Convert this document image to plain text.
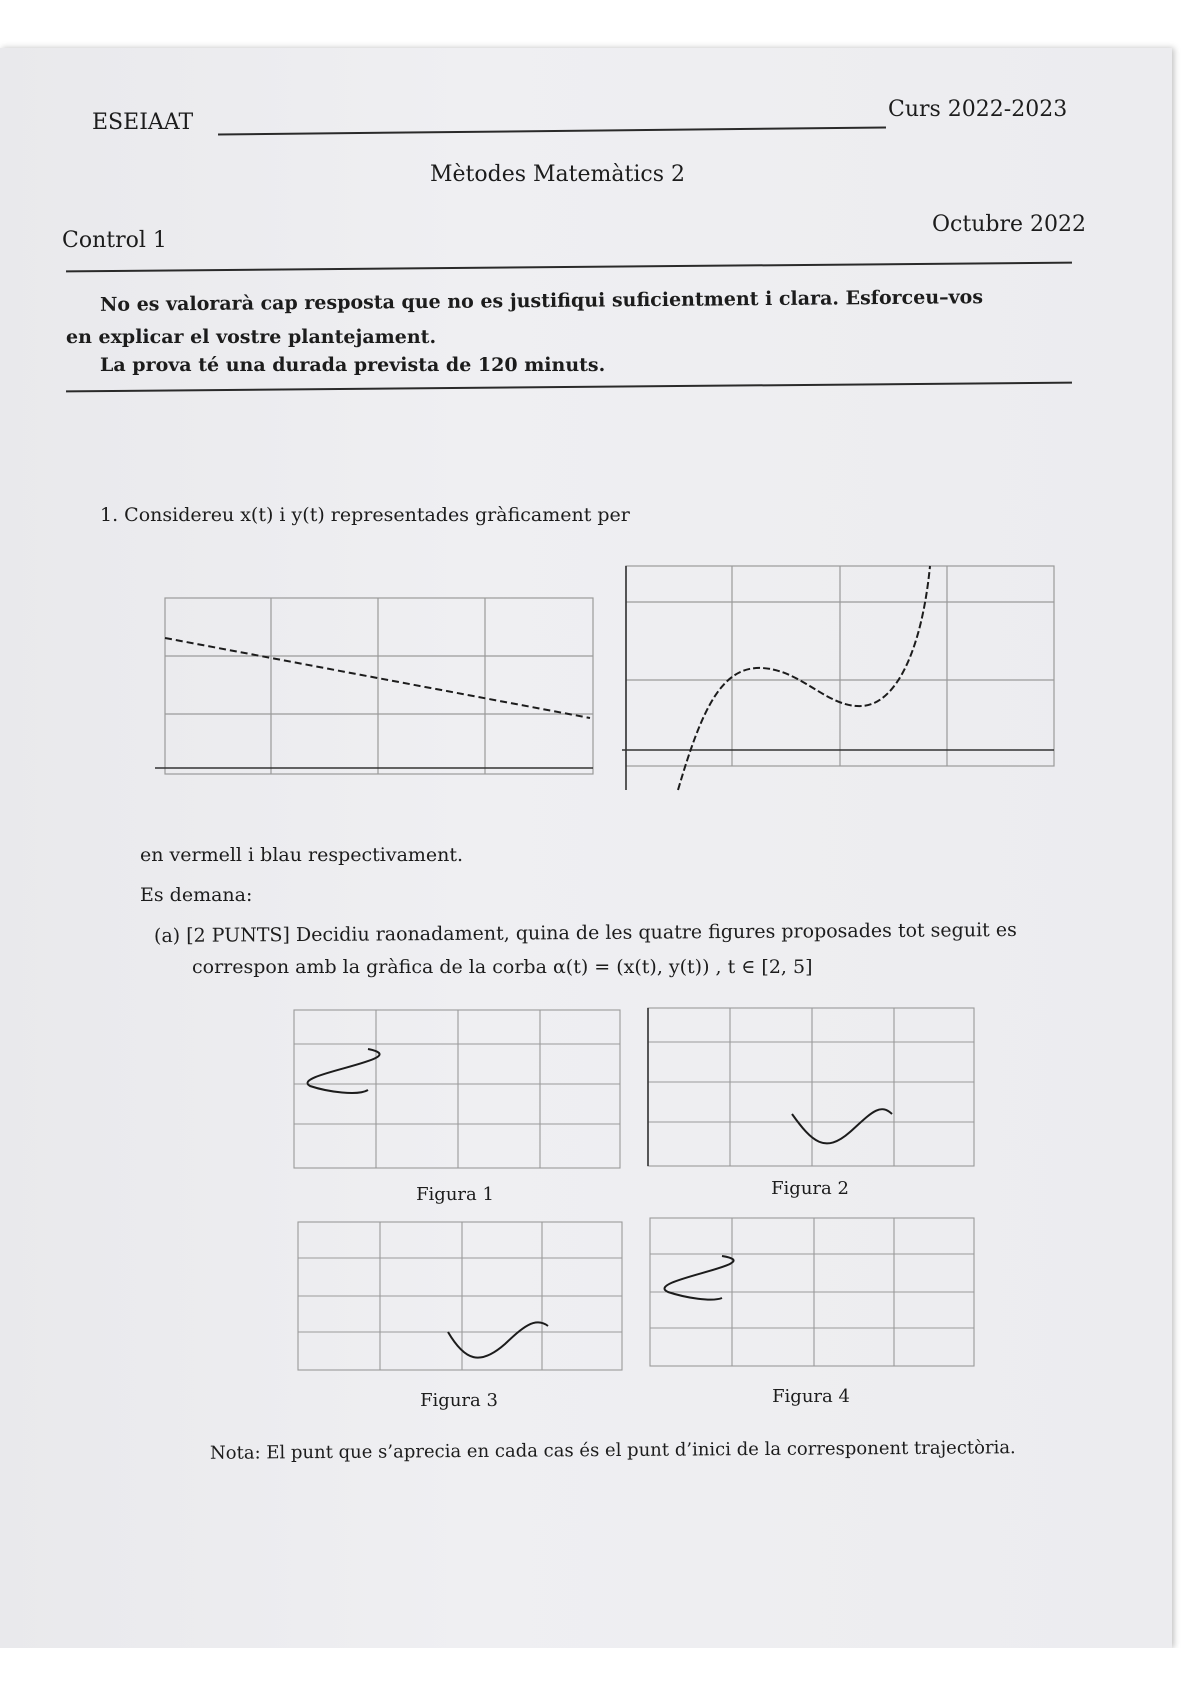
ESEIAAT
Curs 2022-2023
Mètodes Matemàtics 2
Control 1
Octubre 2022
No es valorarà cap resposta que no es justifiqui suficientment i clara. Esforceu–vos
en explicar el vostre plantejament.
La prova té una durada prevista de 120 minuts.
1. Considereu x(t) i y(t) representades gràficament per
en vermell i blau respectivament.
Es demana:
(a) [2 PUNTS] Decidiu raonadament, quina de les quatre figures proposades tot seguit es
correspon amb la gràfica de la corba α(t) = (x(t), y(t)) , t ∈ [2, 5]
Figura 1	Figura 2
Figura 3	Figura 4
Nota: El punt que s’aprecia en cada cas és el punt d’inici de la corresponent trajectòria.
